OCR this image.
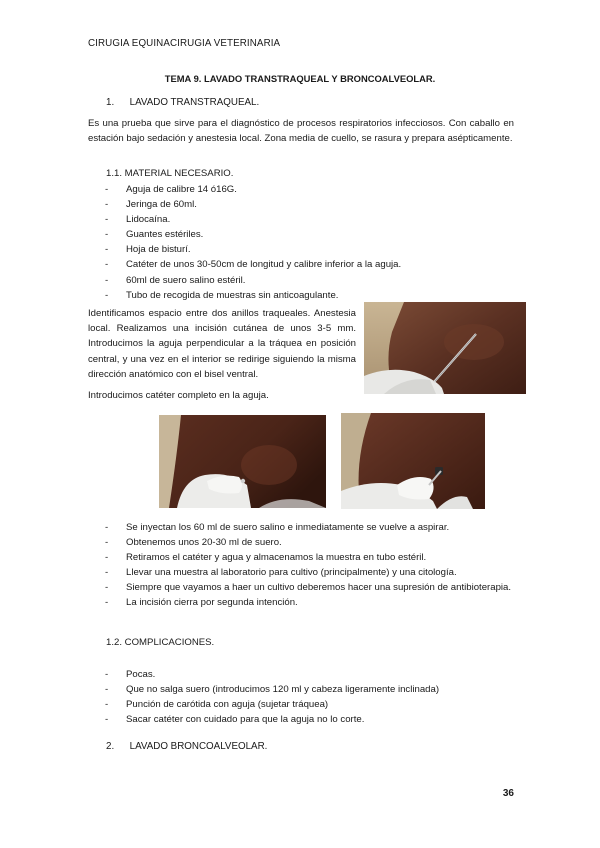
CIRUGIA EQUINACIRUGIA VETERINARIA
TEMA 9. LAVADO TRANSTRAQUEAL Y BRONCOALVEOLAR.
1. LAVADO TRANSTRAQUEAL.
Es una prueba que sirve para el diagnóstico de procesos respiratorios infecciosos. Con caballo en estación bajo sedación y anestesia local. Zona media de cuello, se rasura y prepara asépticamente.
1.1. MATERIAL NECESARIO.
- Aguja de calibre 14 ó16G.
- Jeringa de 60ml.
- Lidocaína.
- Guantes estériles.
- Hoja de bisturí.
- Catéter de unos 30-50cm de longitud y calibre inferior a la aguja.
- 60ml de suero salino estéril.
- Tubo de recogida de muestras sin anticoagulante.
Identificamos espacio entre dos anillos traqueales. Anestesia local. Realizamos una incisión cutánea de unos 3-5 mm. Introducimos la aguja perpendicular a la tráquea en posición central, y una vez en el interior se redirige siguiendo la misma dirección anatómico con el bisel ventral.
Introducimos catéter completo en la aguja.
- Se inyectan los 60 ml de suero salino e inmediatamente se vuelve a aspirar.
- Obtenemos unos 20-30 ml de suero.
- Retiramos el catéter y agua y almacenamos la muestra en tubo estéril.
- Llevar una muestra al laboratorio para cultivo (principalmente) y una citología.
- Siempre que vayamos a haer un cultivo deberemos hacer una supresión de antibioterapia.
- La incisión cierra por segunda intención.
1.2. COMPLICACIONES.
- Pocas.
- Que no salga suero (introducimos 120 ml y cabeza ligeramente inclinada)
- Punción de carótida con aguja (sujetar tráquea)
- Sacar catéter con cuidado para que la aguja no lo corte.
2. LAVADO BRONCOALVEOLAR.
36
